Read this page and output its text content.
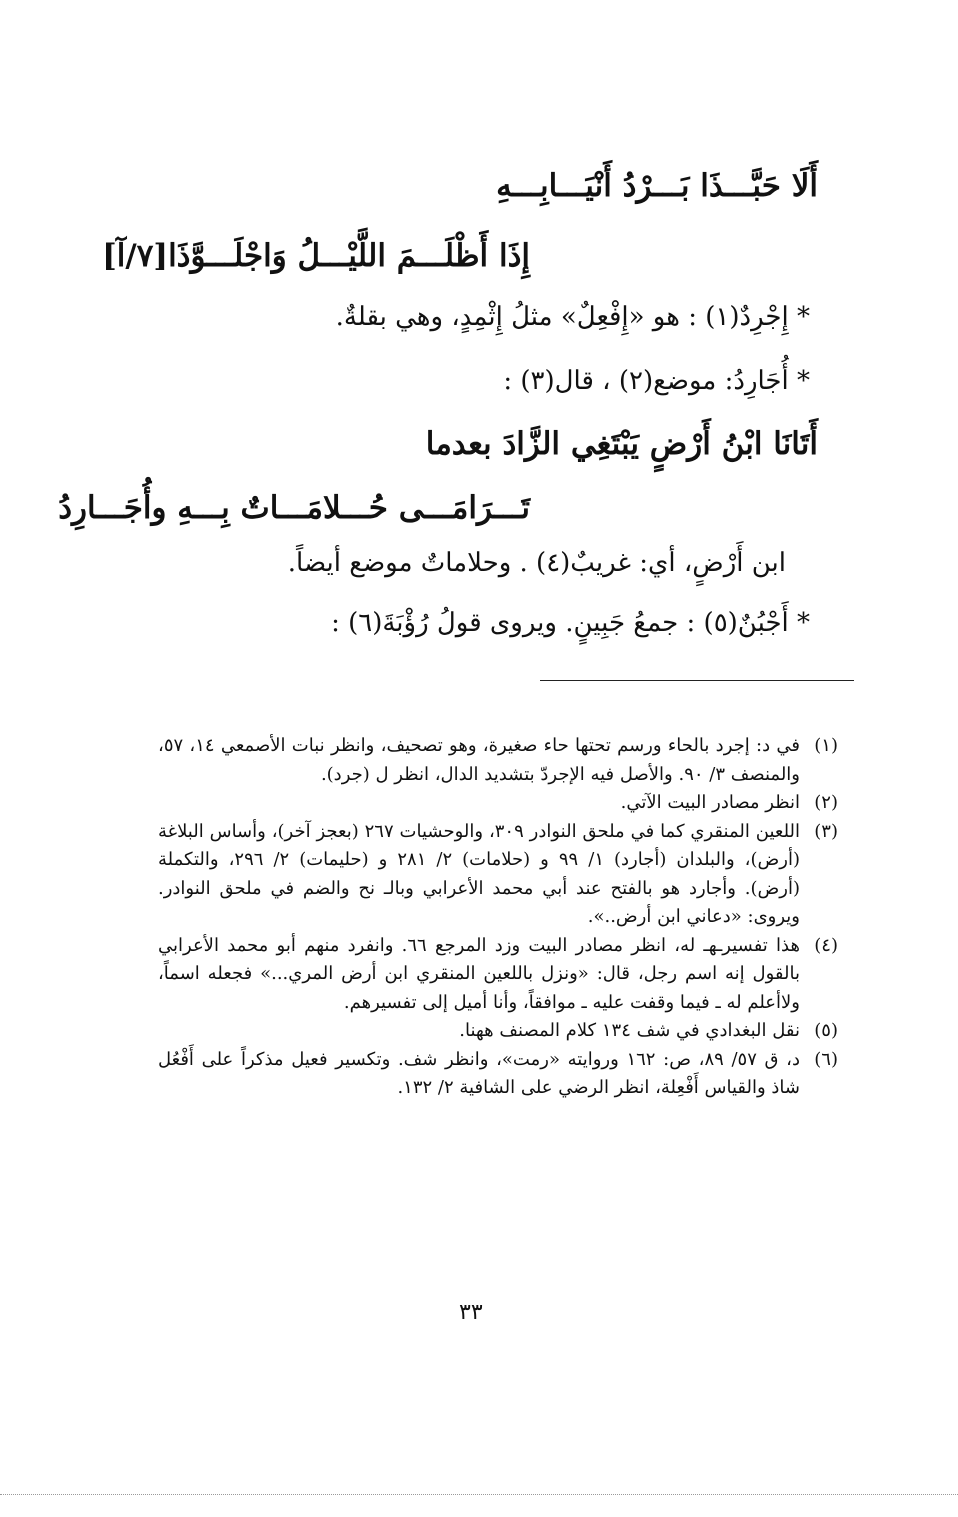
أَلَا حَبَّـــذَا بَـــرْدُ أَنْيَـــابِـــهِ
إِذَا أَظْلَـــمَ اللَّيْـــلُ وَاجْلَـــوَّذَا[٧/آ]
* إِجْرِدٌ(١) : هو «إِفْعِلٌ» مثلُ إِثْمِدٍ، وهي بقلةٌ.
* أُجَارِدُ: موضع(٢) ، قال(٣) :
أَتَانَا ابْنُ أَرْضٍ يَبْتَغِي الزَّادَ بعدما
تَـــرَامَـــى حُـــلامَـــاتٌ بِـــهِ وأُجَـــارِدُ
ابن أَرْضٍ، أي: غريبٌ(٤) . وحلاماتٌ موضع أيضاً.
* أَجْبُنٌ(٥) : جمعُ جَبِينٍ. ويروى قولُ رُؤْبَةَ(٦) :
(١)
في د: إجرد بالحاء ورسم تحتها حاء صغيرة، وهو تصحيف، وانظر نبات الأصمعي ١٤، ٥٧، والمنصف ٣/ ٩٠. والأصل فيه الإجردّ بتشديد الدال، انظر ل (جرد).
(٢)
انظر مصادر البيت الآتي.
(٣)
اللعين المنقري كما في ملحق النوادر ٣٠٩، والوحشيات ٢٦٧ (بعجز آخر)، وأساس البلاغة (أرض)، والبلدان (أجارد) ١/ ٩٩ و (حلامات) ٢/ ٢٨١ و (حليمات) ٢/ ٢٩٦، والتكملة (أرض). وأجارد هو بالفتح عند أبي محمد الأعرابي وبالـ نح والضم في ملحق النوادر. ويروى: «دعاني ابن أرض..».
(٤)
هذا تفسيرـهـ له، انظر مصادر البيت وزد المرجع ٦٦. وانفرد منهم أبو محمد الأعرابي بالقول إنه اسم رجل، قال: «ونزل باللعين المنقري ابن أرض المري...» فجعله اسماً، ولاأعلم له ـ فيما وقفت عليه ـ موافقاً، وأنا أميل إلى تفسيرهم.
(٥)
نقل البغدادي في شف ١٣٤ كلام المصنف ههنا.
(٦)
د، ق ٥٧/ ٨٩، ص: ١٦٢ وروايته «رمت»، وانظر شف. وتكسير فعيل مذكراً على أَفْعُل شاذ والقياس أَفْعِلة، انظر الرضي على الشافية ٢/ ١٣٢.
٣٣
